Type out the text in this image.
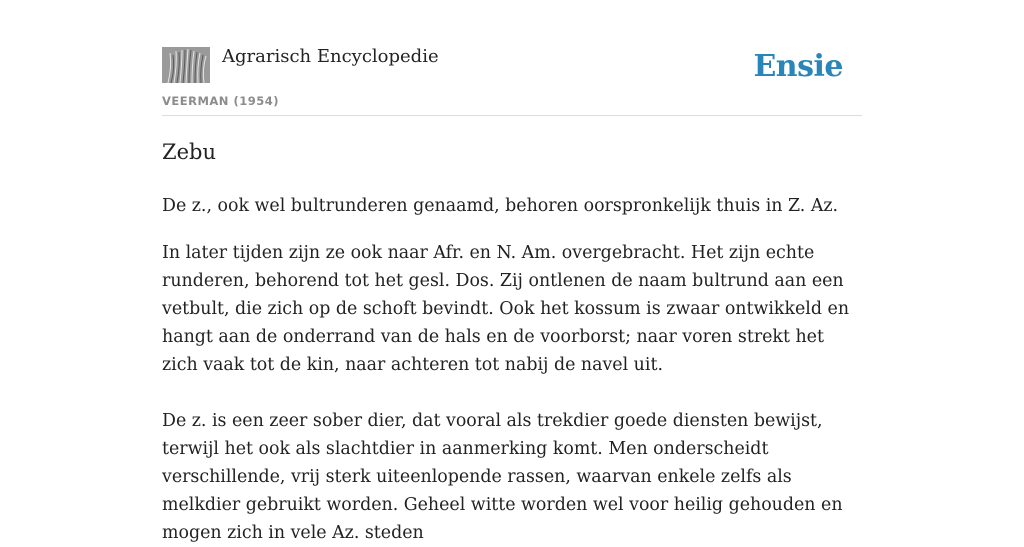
Agrarisch Encyclopedie	Ensie
VEERMAN (1954)
Zebu

De z., ook wel bultrunderen genaamd, behoren oorspronkelijk thuis in Z. Az.

In later tijden zijn ze ook naar Afr. en N. Am. overgebracht. Het zijn echte runderen, behorend tot het gesl. Dos. Zij ontlenen de naam bultrund aan een vetbult, die zich op de schoft bevindt. Ook het kossum is zwaar ontwikkeld en hangt aan de onderrand van de hals en de voorborst; naar voren strekt het zich vaak tot de kin, naar achteren tot nabij de navel uit.

De z. is een zeer sober dier, dat vooral als trekdier goede diensten bewijst, terwijl het ook als slachtdier in aanmerking komt. Men onderscheidt verschillende, vrij sterk uiteenlopende rassen, waarvan enkele zelfs als melkdier gebruikt worden. Geheel witte worden wel voor heilig gehouden en mogen zich in vele Az. steden
